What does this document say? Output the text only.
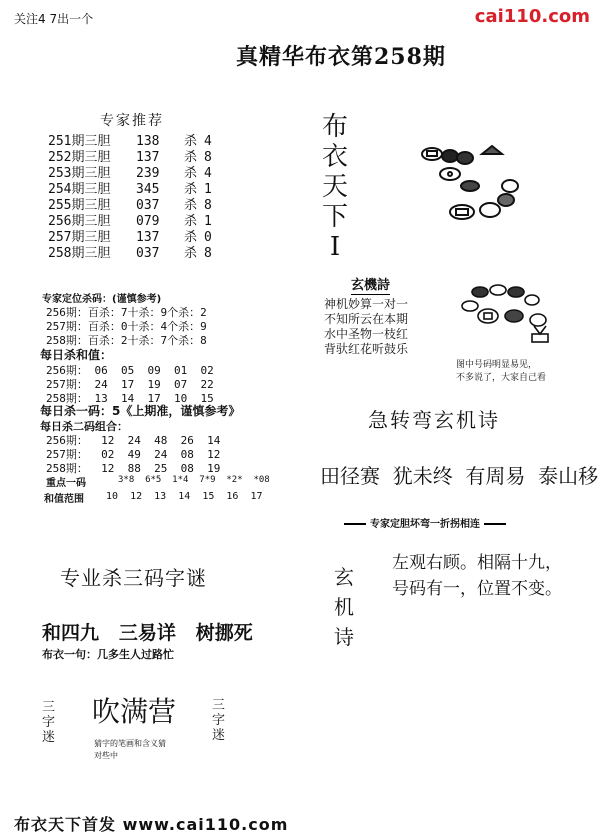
关注4 7出一个	cai110.com
真精华布衣第258期
专家推荐
251期三胆 138 杀 4
252期三胆 137 杀 8
253期三胆 239 杀 4
254期三胆 345 杀 1
255期三胆 037 杀 8
256期三胆 079 杀 1
257期三胆 137 杀 0
258期三胆 037 杀 8
专家定位杀码：(谨慎参考)
256期：百杀：7十杀：9个杀：2
257期：百杀：0十杀：4个杀：9
258期：百杀：2十杀：7个杀：8
每日杀和值：
256期： 06  05  09  01  02
257期： 24  17  19  07  22
258期： 13  14  17  10  15
每日杀一码：5《上期准，谨慎参考》
每日杀二码组合：
256期：  12  24  48  26  14
257期：  02  49  24  08  12
258期：  12  88  25  08  19
重点一码	3*8  6*5  1*4  7*9  *2*  *08
和值范围 10  12  13  14  15  16  17
布
衣
天
下
I
玄機詩
神机妙算一对一
不知所云在本期
水中圣物一枝红
背驮红花听鼓乐
图中号码明显易见，
不多说了，大家自己看
急转弯玄机诗
田径赛  犹未终  有周易  泰山移
专家定胆坏弯一折拐相连
玄
机
诗
左观右顾。相隔十九，
号码有一，位置不变。
专业杀三码字谜
和四九   三易详   树挪死
布衣一句：几多生人过路忙
三
字
迷
吹满营
猜字的笔画和含义猜
对些中
三
字
迷
布衣天下首发 www.cai110.com
